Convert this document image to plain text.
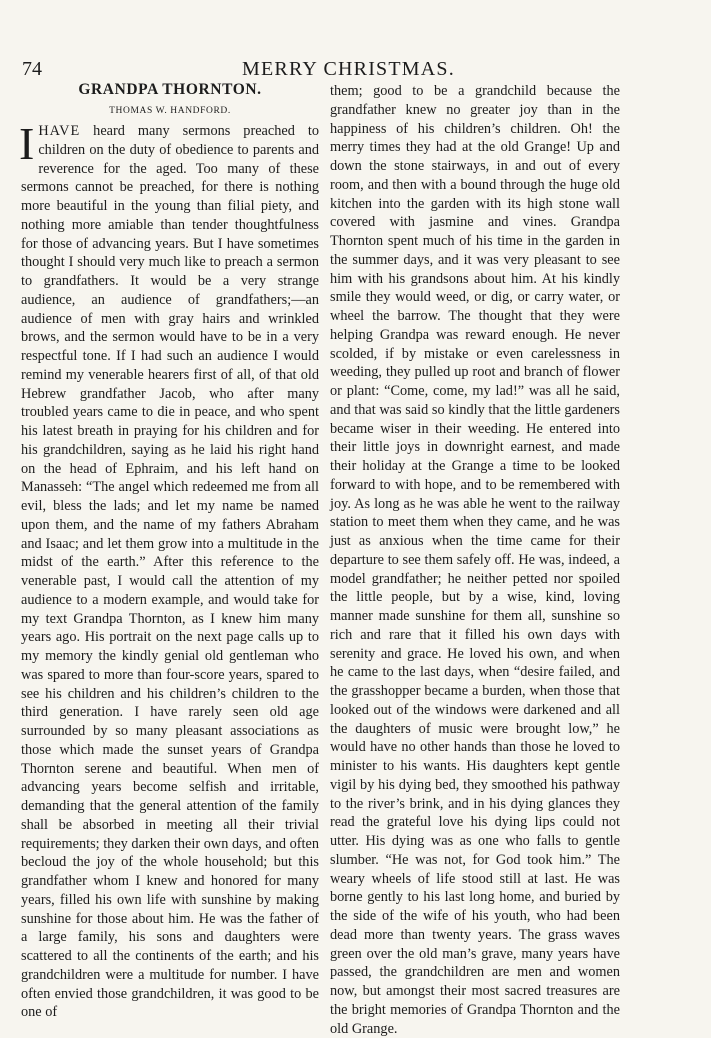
74	MERRY CHRISTMAS.
GRANDPA THORNTON.
THOMAS W. HANDFORD.

IHAVE heard many sermons preached to children on the duty of obedience to parents and reverence for the aged. Too many of these sermons cannot be preached, for there is nothing more beautiful in the young than filial piety, and nothing more amiable than tender thoughtfulness for those of advancing years. But I have sometimes thought I should very much like to preach a sermon to grandfathers. It would be a very strange audience, an audience of grandfathers;—an audience of men with gray hairs and wrinkled brows, and the sermon would have to be in a very respectful tone. If I had such an audience I would remind my venerable hearers first of all, of that old Hebrew grandfather Jacob, who after many troubled years came to die in peace, and who spent his latest breath in praying for his children and for his grandchildren, saying as he laid his right hand on the head of Ephraim, and his left hand on Manasseh: “The angel which redeemed me from all evil, bless the lads; and let my name be named upon them, and the name of my fathers Abraham and Isaac; and let them grow into a multitude in the midst of the earth.” After this reference to the venerable past, I would call the attention of my audience to a modern example, and would take for my text Grandpa Thornton, as I knew him many years ago. His portrait on the next page calls up to my memory the kindly genial old gentleman who was spared to more than four-score years, spared to see his children and his children’s children to the third generation. I have rarely seen old age surrounded by so many pleasant associations as those which made the sunset years of Grandpa Thornton serene and beautiful. When men of advancing years become selfish and irritable, demanding that the general attention of the family shall be absorbed in meeting all their trivial requirements; they darken their own days, and often becloud the joy of the whole household; but this grandfather whom I knew and honored for many years, filled his own life with sunshine by making sunshine for those about him. He was the father of a large family, his sons and daughters were scattered to all the continents of the earth; and his grandchildren were a multitude for number. I have often envied those grandchildren, it was good to be one of

them; good to be a grandchild because the grandfather knew no greater joy than in the happiness of his children’s children. Oh! the merry times they had at the old Grange! Up and down the stone stairways, in and out of every room, and then with a bound through the huge old kitchen into the garden with its high stone wall covered with jasmine and vines. Grandpa Thornton spent much of his time in the garden in the summer days, and it was very pleasant to see him with his grandsons about him. At his kindly smile they would weed, or dig, or carry water, or wheel the barrow. The thought that they were helping Grandpa was reward enough. He never scolded, if by mistake or even carelessness in weeding, they pulled up root and branch of flower or plant: “Come, come, my lad!” was all he said, and that was said so kindly that the little gardeners became wiser in their weeding. He entered into their little joys in downright earnest, and made their holiday at the Grange a time to be looked forward to with hope, and to be remembered with joy. As long as he was able he went to the railway station to meet them when they came, and he was just as anxious when the time came for their departure to see them safely off. He was, indeed, a model grandfather; he neither petted nor spoiled the little people, but by a wise, kind, loving manner made sunshine for them all, sunshine so rich and rare that it filled his own days with serenity and grace. He loved his own, and when he came to the last days, when “desire failed, and the grasshopper became a burden, when those that looked out of the windows were darkened and all the daughters of music were brought low,” he would have no other hands than those he loved to minister to his wants. His daughters kept gentle vigil by his dying bed, they smoothed his pathway to the river’s brink, and in his dying glances they read the grateful love his dying lips could not utter. His dying was as one who falls to gentle slumber. “He was not, for God took him.” The weary wheels of life stood still at last. He was borne gently to his last long home, and buried by the side of the wife of his youth, who had been dead more than twenty years. The grass waves green over the old man’s grave, many years have passed, the grandchildren are men and women now, but amongst their most sacred treasures are the bright memories of Grandpa Thornton and the old Grange.
